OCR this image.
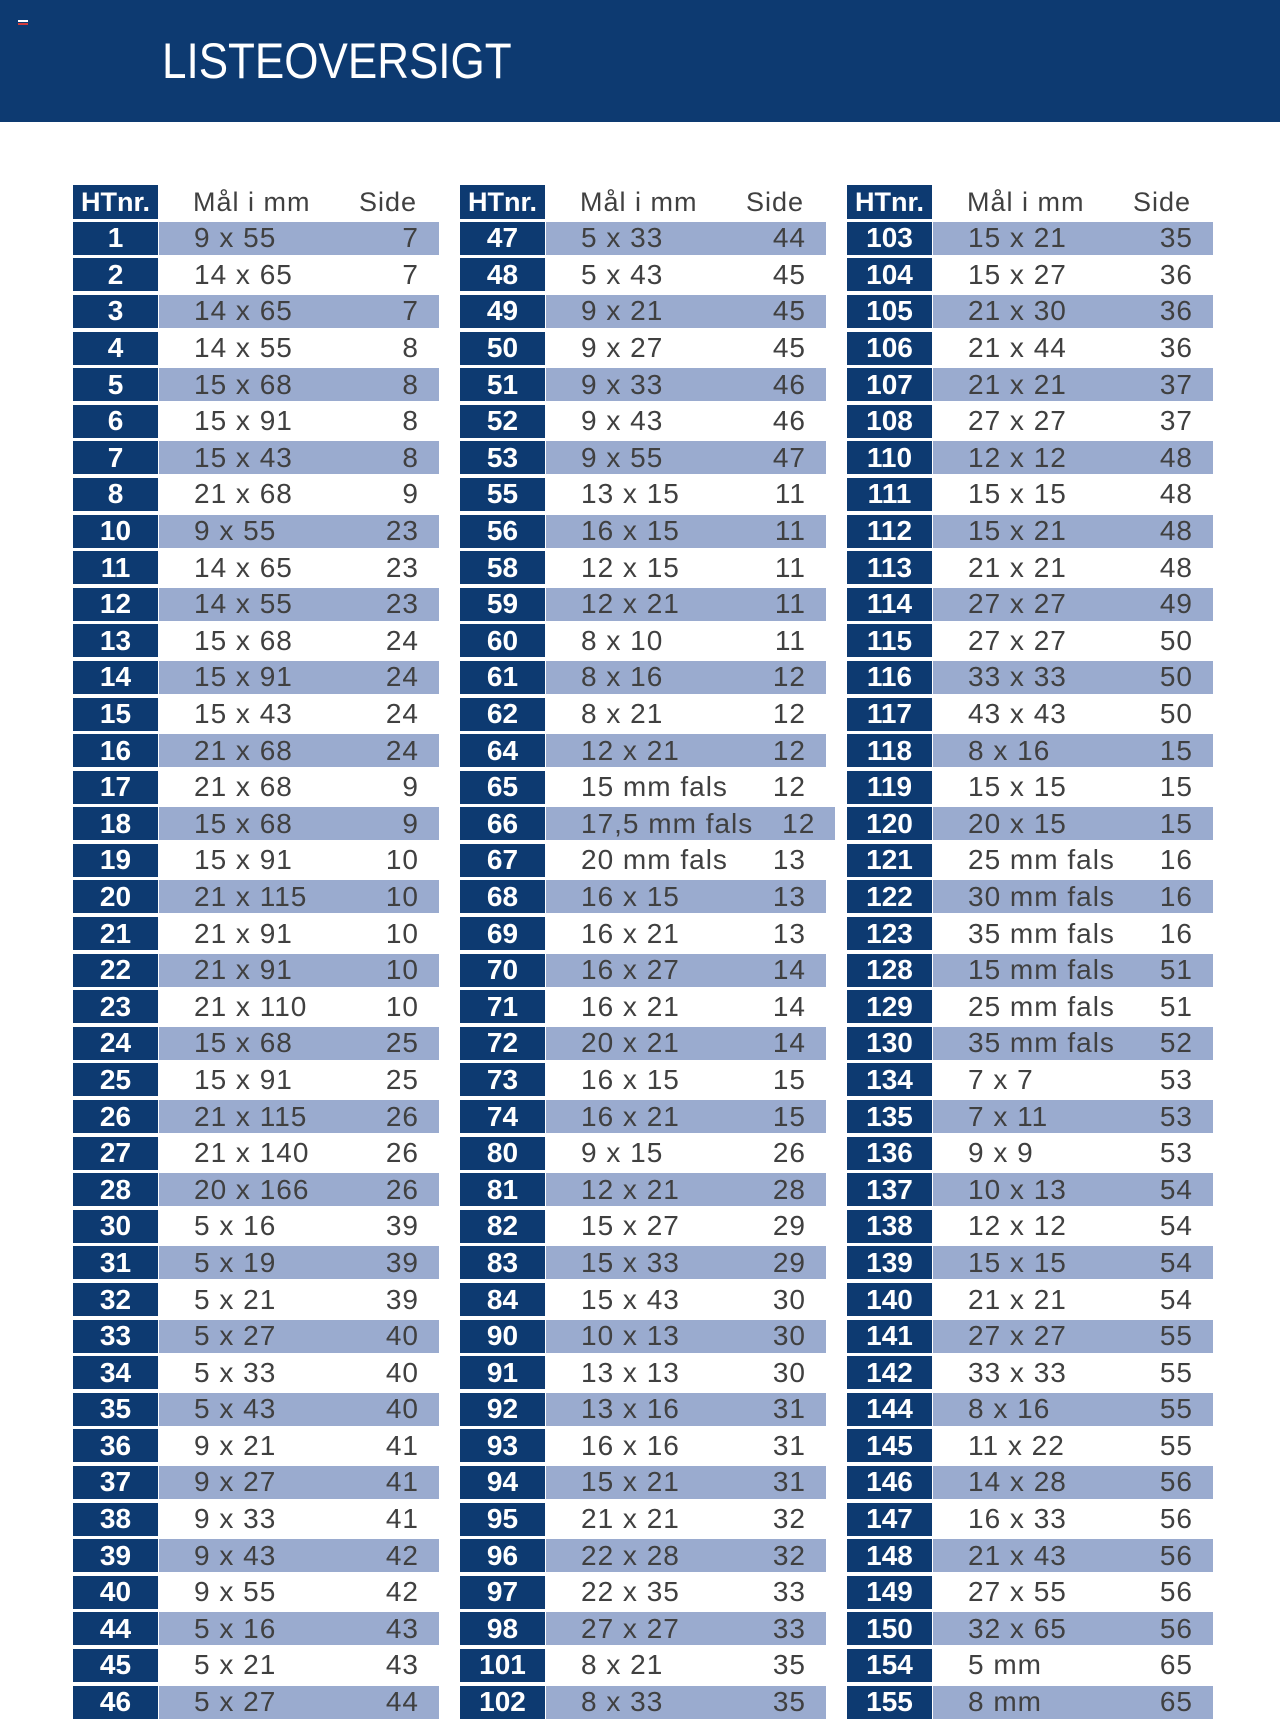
LISTEOVERSIGT
HTnr.	Mål i mm	Side
1	9 x 55	7
2	14 x 65	7
3	14 x 65	7
4	14 x 55	8
5	15 x 68	8
6	15 x 91	8
7	15 x 43	8
8	21 x 68	9
10	9 x 55	23
11	14 x 65	23
12	14 x 55	23
13	15 x 68	24
14	15 x 91	24
15	15 x 43	24
16	21 x 68	24
17	21 x 68	9
18	15 x 68	9
19	15 x 91	10
20	21 x 115	10
21	21 x 91	10
22	21 x 91	10
23	21 x 110	10
24	15 x 68	25
25	15 x 91	25
26	21 x 115	26
27	21 x 140	26
28	20 x 166	26
30	5 x 16	39
31	5 x 19	39
32	5 x 21	39
33	5 x 27	40
34	5 x 33	40
35	5 x 43	40
36	9 x 21	41
37	9 x 27	41
38	9 x 33	41
39	9 x 43	42
40	9 x 55	42
44	5 x 16	43
45	5 x 21	43
46	5 x 27	44
HTnr.	Mål i mm	Side
47	5 x 33	44
48	5 x 43	45
49	9 x 21	45
50	9 x 27	45
51	9 x 33	46
52	9 x 43	46
53	9 x 55	47
55	13 x 15	11
56	16 x 15	11
58	12 x 15	11
59	12 x 21	11
60	8 x 10	11
61	8 x 16	12
62	8 x 21	12
64	12 x 21	12
65	15 mm fals	12
66	17,5 mm fals	12
67	20 mm fals	13
68	16 x 15	13
69	16 x 21	13
70	16 x 27	14
71	16 x 21	14
72	20 x 21	14
73	16 x 15	15
74	16 x 21	15
80	9 x 15	26
81	12 x 21	28
82	15 x 27	29
83	15 x 33	29
84	15 x 43	30
90	10 x 13	30
91	13 x 13	30
92	13 x 16	31
93	16 x 16	31
94	15 x 21	31
95	21 x 21	32
96	22 x 28	32
97	22 x 35	33
98	27 x 27	33
101	8 x 21	35
102	8 x 33	35
HTnr.	Mål i mm	Side
103	15 x 21	35
104	15 x 27	36
105	21 x 30	36
106	21 x 44	36
107	21 x 21	37
108	27 x 27	37
110	12 x 12	48
111	15 x 15	48
112	15 x 21	48
113	21 x 21	48
114	27 x 27	49
115	27 x 27	50
116	33 x 33	50
117	43 x 43	50
118	8 x 16	15
119	15 x 15	15
120	20 x 15	15
121	25 mm fals	16
122	30 mm fals	16
123	35 mm fals	16
128	15 mm fals	51
129	25 mm fals	51
130	35 mm fals	52
134	7 x 7	53
135	7 x 11	53
136	9 x 9	53
137	10 x 13	54
138	12 x 12	54
139	15 x 15	54
140	21 x 21	54
141	27 x 27	55
142	33 x 33	55
144	8 x 16	55
145	11 x 22	55
146	14 x 28	56
147	16 x 33	56
148	21 x 43	56
149	27 x 55	56
150	32 x 65	56
154	5 mm	65
155	8 mm	65
